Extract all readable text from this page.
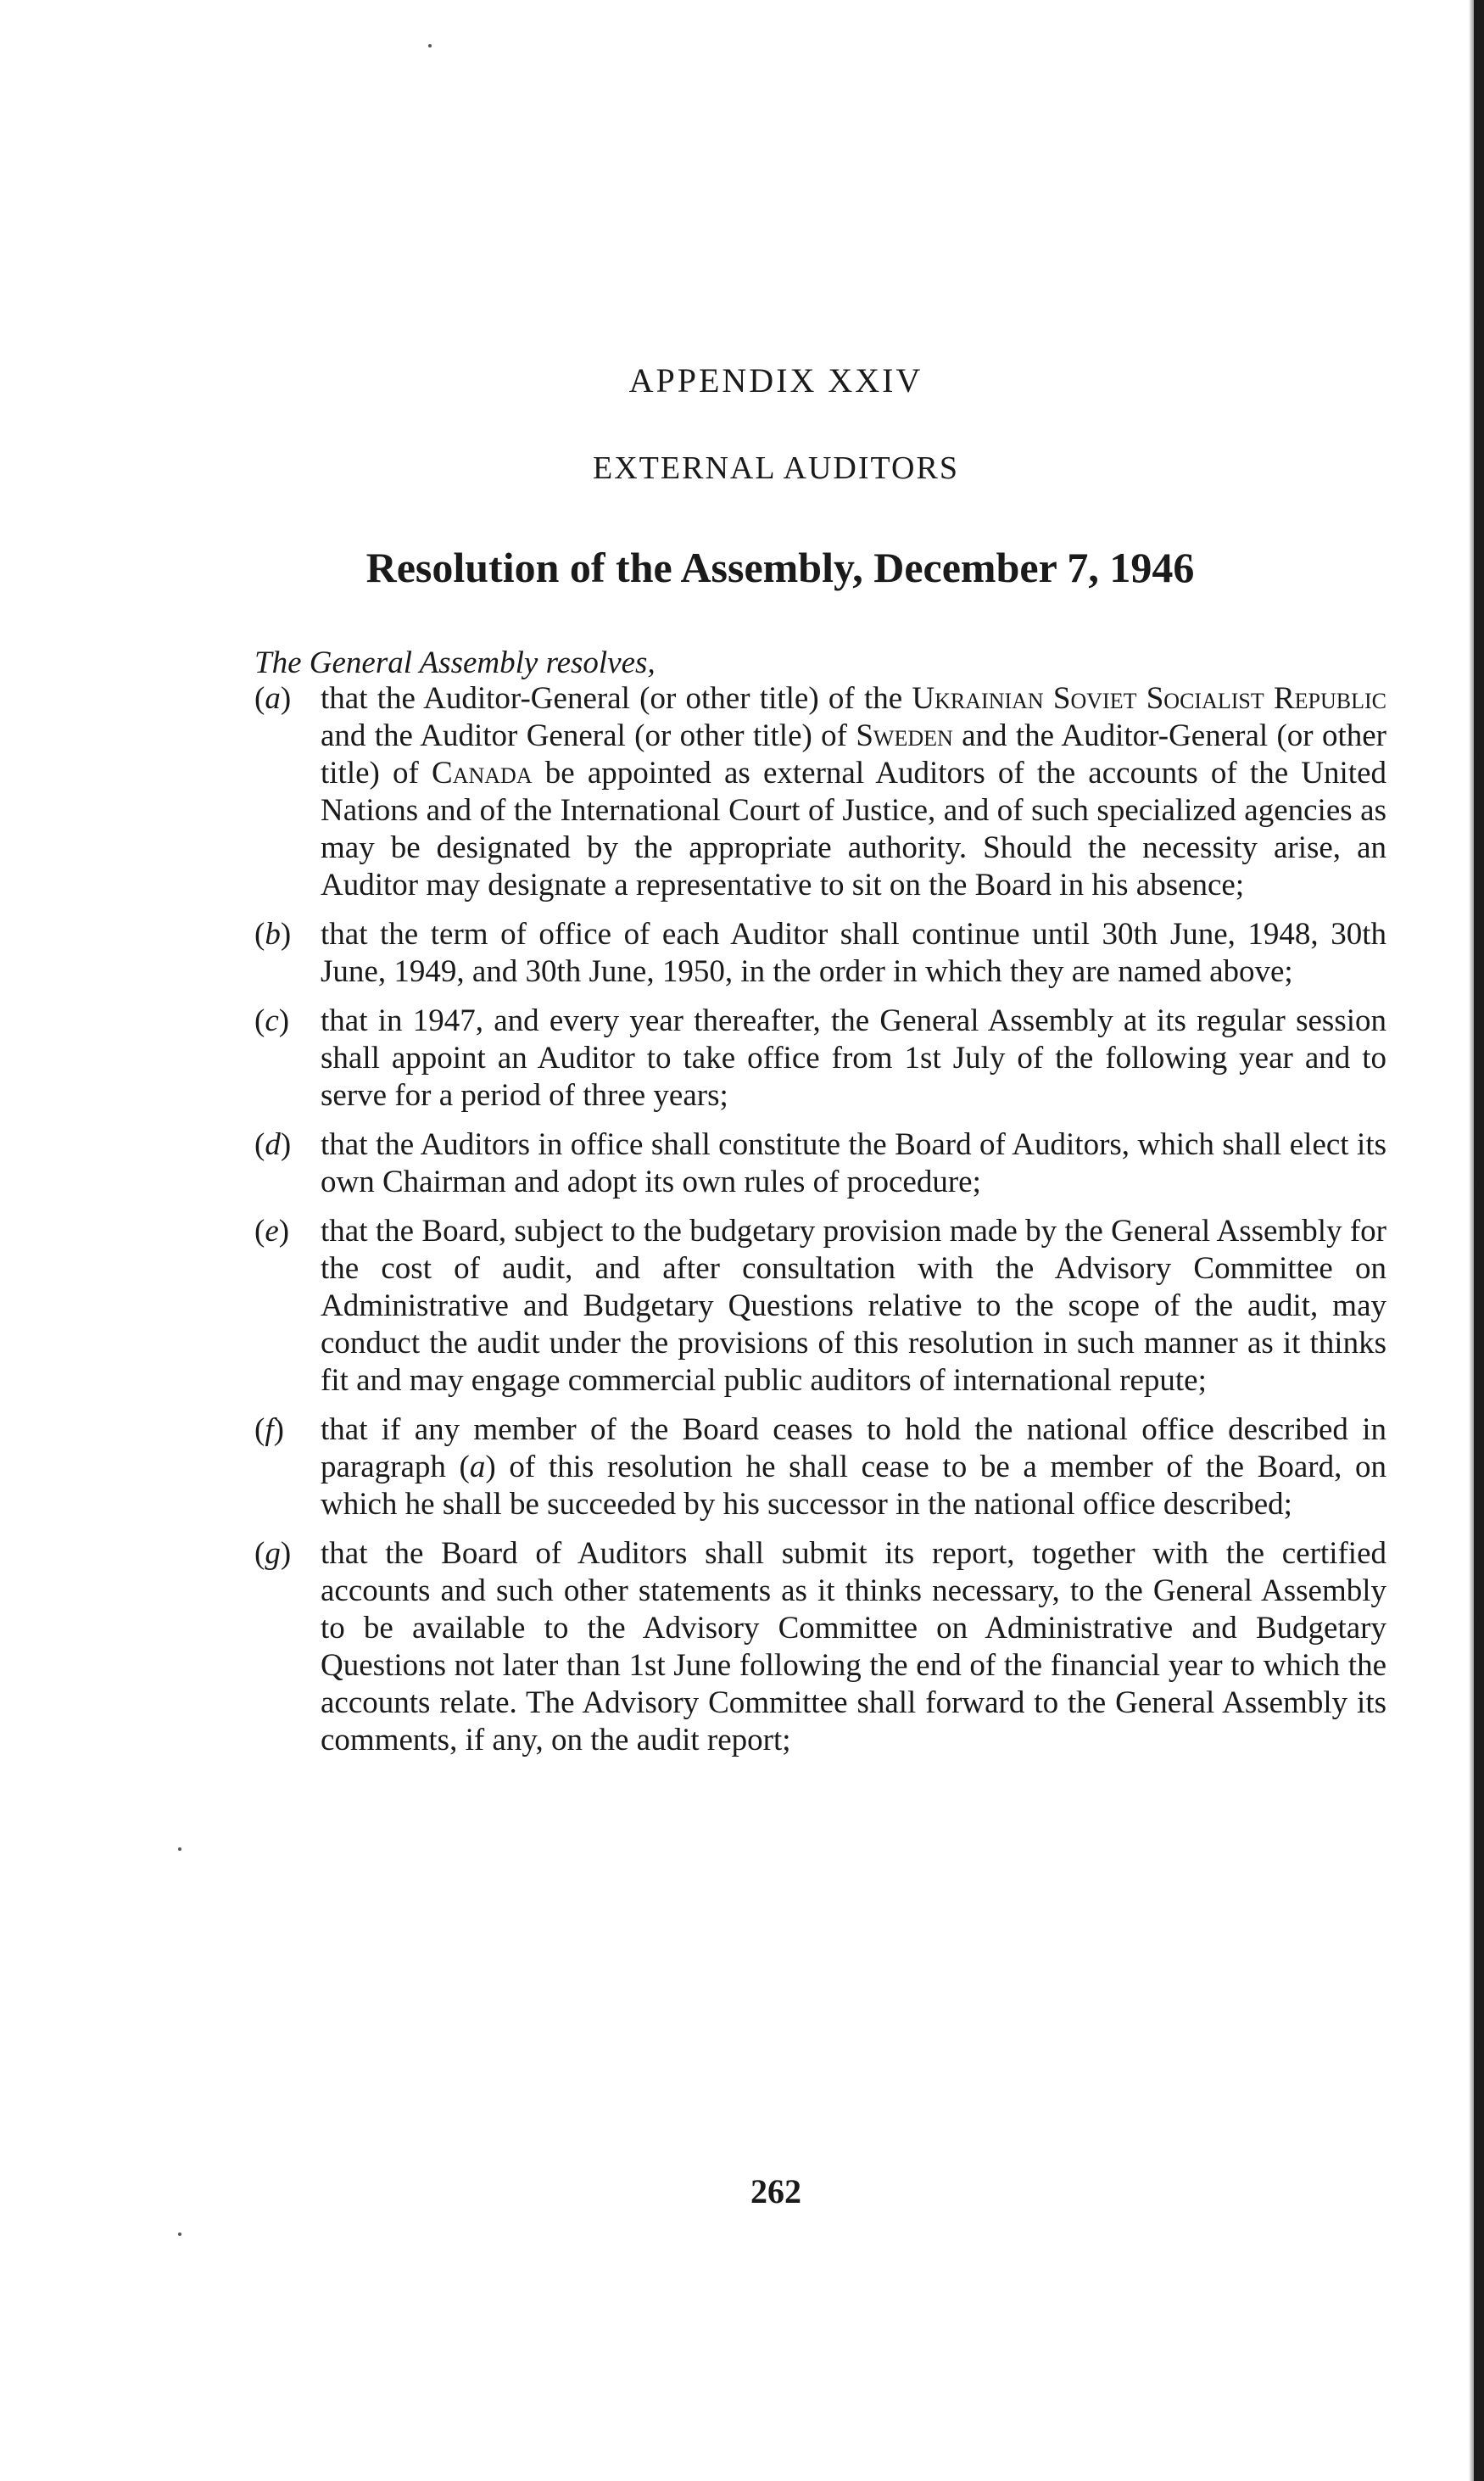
APPENDIX XXIV
EXTERNAL AUDITORS
Resolution of the Assembly, December 7, 1946
The General Assembly resolves,
(a) that the Auditor-General (or other title) of the Ukrainian Soviet Socialist Republic and the Auditor General (or other title) of Sweden and the Auditor-General (or other title) of Canada be appointed as external Auditors of the accounts of the United Nations and of the International Court of Justice, and of such specialized agencies as may be designated by the appropriate authority. Should the necessity arise, an Auditor may designate a representative to sit on the Board in his absence;
(b) that the term of office of each Auditor shall continue until 30th June, 1948, 30th June, 1949, and 30th June, 1950, in the order in which they are named above;
(c) that in 1947, and every year thereafter, the General Assembly at its regular session shall appoint an Auditor to take office from 1st July of the following year and to serve for a period of three years;
(d) that the Auditors in office shall constitute the Board of Auditors, which shall elect its own Chairman and adopt its own rules of procedure;
(e) that the Board, subject to the budgetary provision made by the General Assembly for the cost of audit, and after consultation with the Advisory Committee on Administrative and Budgetary Questions relative to the scope of the audit, may conduct the audit under the provisions of this resolution in such manner as it thinks fit and may engage commercial public auditors of international repute;
(f)	that if any member of the Board ceases to hold the national office described in paragraph (a) of this resolution he shall cease to be a member of the Board, on which he shall be succeeded by his successor in the national office described;
(g) that the Board of Auditors shall submit its report, together with the certified accounts and such other statements as it thinks necessary, to the General Assembly to be available to the Advisory Committee on Administrative and Budgetary Questions not later than 1st June following the end of the financial year to which the accounts relate. The Advisory Committee shall forward to the General Assembly its comments, if any, on the audit report;
262
